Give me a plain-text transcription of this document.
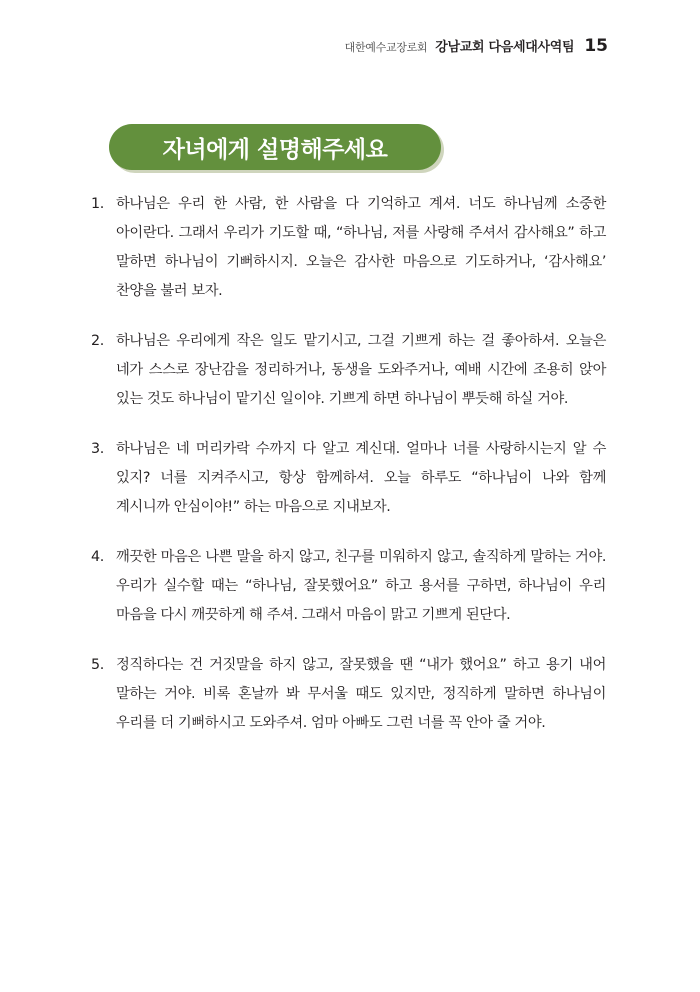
대한예수교장로회 강남교회 다음세대사역팀 15
자녀에게 설명해주세요
1. 하나님은 우리 한 사람, 한 사람을 다 기억하고 계셔. 너도 하나님께 소중한 아이란다. 그래서 우리가 기도할 때, “하나님, 저를 사랑해 주셔서 감사해요” 하고 말하면 하나님이 기뻐하시지. 오늘은 감사한 마음으로 기도하거나, ‘감사해요’ 찬양을 불러 보자.
2. 하나님은 우리에게 작은 일도 맡기시고, 그걸 기쁘게 하는 걸 좋아하셔. 오늘은 네가 스스로 장난감을 정리하거나, 동생을 도와주거나, 예배 시간에 조용히 앉아 있는 것도 하나님이 맡기신 일이야. 기쁘게 하면 하나님이 뿌듯해 하실 거야.
3. 하나님은 네 머리카락 수까지 다 알고 계신대. 얼마나 너를 사랑하시는지 알 수 있지? 너를 지켜주시고, 항상 함께하셔. 오늘 하루도 “하나님이 나와 함께 계시니까 안심이야!” 하는 마음으로 지내보자.
4. 깨끗한 마음은 나쁜 말을 하지 않고, 친구를 미워하지 않고, 솔직하게 말하는 거야. 우리가 실수할 때는 “하나님, 잘못했어요” 하고 용서를 구하면, 하나님이 우리 마음을 다시 깨끗하게 해 주셔. 그래서 마음이 맑고 기쁘게 된단다.
5. 정직하다는 건 거짓말을 하지 않고, 잘못했을 땐 “내가 했어요” 하고 용기 내어 말하는 거야. 비록 혼날까 봐 무서울 때도 있지만, 정직하게 말하면 하나님이 우리를 더 기뻐하시고 도와주셔. 엄마 아빠도 그런 너를 꼭 안아 줄 거야.
